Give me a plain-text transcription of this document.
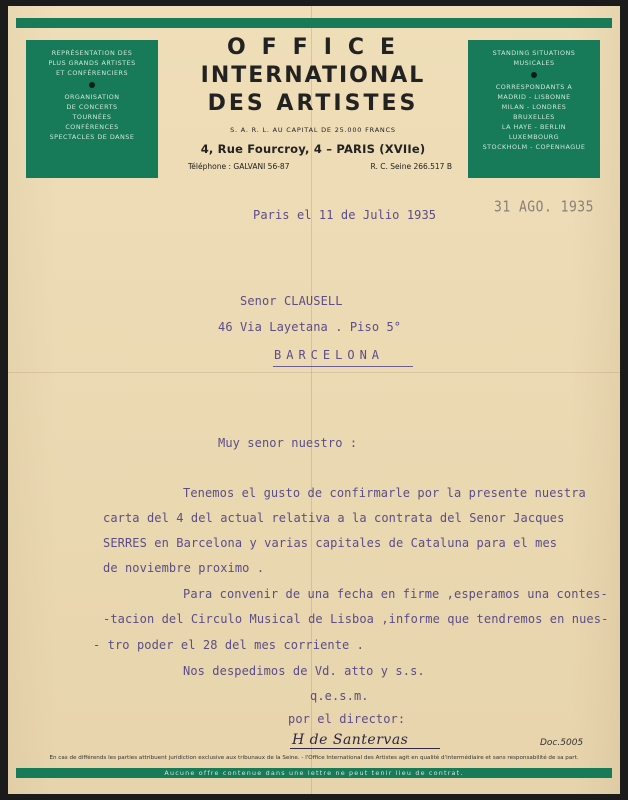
REPRÉSENTATION DES
PLUS GRANDS ARTISTES
ET CONFÉRENCIERS
ORGANISATION
DE CONCERTS
TOURNÉES
CONFÉRENCES
SPECTACLES DE DANSE
OFFICE
INTERNATIONAL
DES ARTISTES
S. A. R. L. AU CAPITAL DE 25.000 FRANCS
4, Rue Fourcroy, 4 – PARIS (XVIIe)
Téléphone : GALVANI 56-87	R. C. Seine 266.517 B
STANDING SITUATIONS
MUSICALES
CORRESPONDANTS A
MADRID - LISBONNE
MILAN - LONDRES
BRUXELLES
LA HAYE - BERLIN
LUXEMBOURG
STOCKHOLM - COPENHAGUE
31 AGO. 1935
Paris el 11 de Julio 1935
Senor CLAUSELL
46 Via Layetana . Piso 5°
BARCELONA
Muy senor nuestro :
Tenemos el gusto de confirmarle por la presente nuestra
carta del 4 del actual relativa a la contrata del Senor Jacques
SERRES en Barcelona y varias capitales de Cataluna para el mes
de noviembre proximo .
Para convenir de una fecha en firme ,esperamos una contes-
-tacion del Circulo Musical de Lisboa ,informe que tendremos en nues-
- tro poder el 28 del mes corriente .
Nos despedimos de Vd. atto y s.s.
q.e.s.m.
por el director:
H de Santervas	Doc.5005
En cas de différends les parties attribuent juridiction exclusive aux tribunaux de la Seine. - l'Office International des Artistes agit en qualité d'intermédiaire et sans responsabilité de sa part.
Aucune offre contenue dans une lettre ne peut tenir lieu de contrat.
